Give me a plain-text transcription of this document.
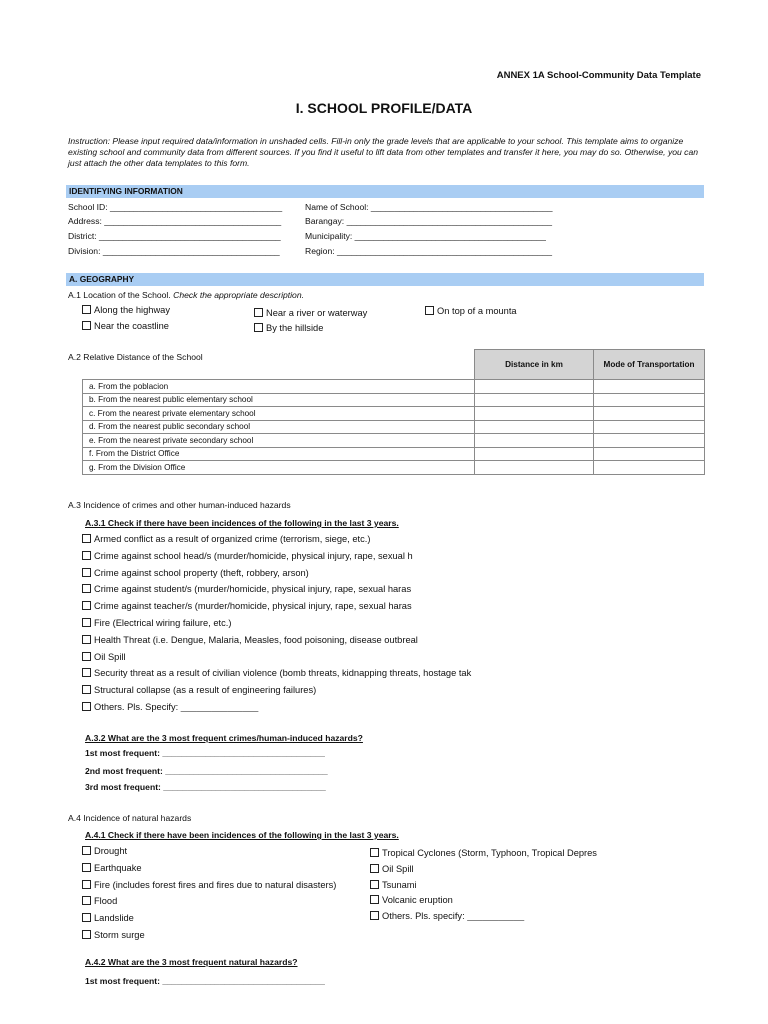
ANNEX 1A School-Community Data Template
I. SCHOOL PROFILE/DATA
Instruction: Please input required data/information in unshaded cells. Fill-in only the grade levels that are applicable to your school. This template aims to organize existing school and community data from different sources. If you find it useful to lift data from other templates and transfer it here, you may do so. Otherwise, you can just attach the other data templates to this form.
IDENTIFYING INFORMATION
School ID: ____________________________________
Address: _____________________________________
District: ______________________________________
Division: _____________________________________
Name of School: ______________________________________
Barangay: ___________________________________________
Municipality: ________________________________________
Region: _____________________________________________
A. GEOGRAPHY
A.1 Location of the School. Check the appropriate description.
Along the highway
Near the coastline
Near a river or waterway
By the hillside
On top of a mounta
A.2 Relative Distance of the School
	Distance in km	Mode of Transportation
a. From the poblacion		
b. From the nearest public elementary school		
c. From the nearest private elementary school		
d. From the nearest public secondary school		
e. From the nearest private secondary school		
f. From the District Office		
g. From the Division Office		
A.3 Incidence of crimes and other human-induced hazards
A.3.1 Check if there have been incidences of the following in the last 3 years.
Armed conflict as a result of organized crime (terrorism, siege, etc.)
Crime against school head/s (murder/homicide, physical injury, rape, sexual h
Crime against school property (theft, robbery, arson)
Crime against student/s (murder/homicide, physical injury, rape, sexual haras
Crime against teacher/s (murder/homicide, physical injury, rape, sexual haras
Fire (Electrical wiring failure, etc.)
Health Threat (i.e. Dengue, Malaria, Measles, food poisoning, disease outbreal
Oil Spill
Security threat as a result of civilian violence (bomb threats, kidnapping threats, hostage tak
Structural collapse (as a result of engineering failures)
Others. Pls. Specify: _______________
A.3.2 What are the 3 most frequent crimes/human-induced hazards?
1st most frequent: __________________________________
2nd most frequent: __________________________________
3rd most frequent: __________________________________
A.4 Incidence of natural hazards
A.4.1 Check if there have been incidences of the following in the last 3 years.
Drought
Earthquake
Fire (includes forest fires and fires due to natural disasters)
Flood
Landslide
Storm surge
Tropical Cyclones (Storm, Typhoon, Tropical Depres
Oil Spill
Tsunami
Volcanic eruption
Others. Pls. specify: ___________
A.4.2 What are the 3 most frequent natural hazards?
1st most frequent: __________________________________
